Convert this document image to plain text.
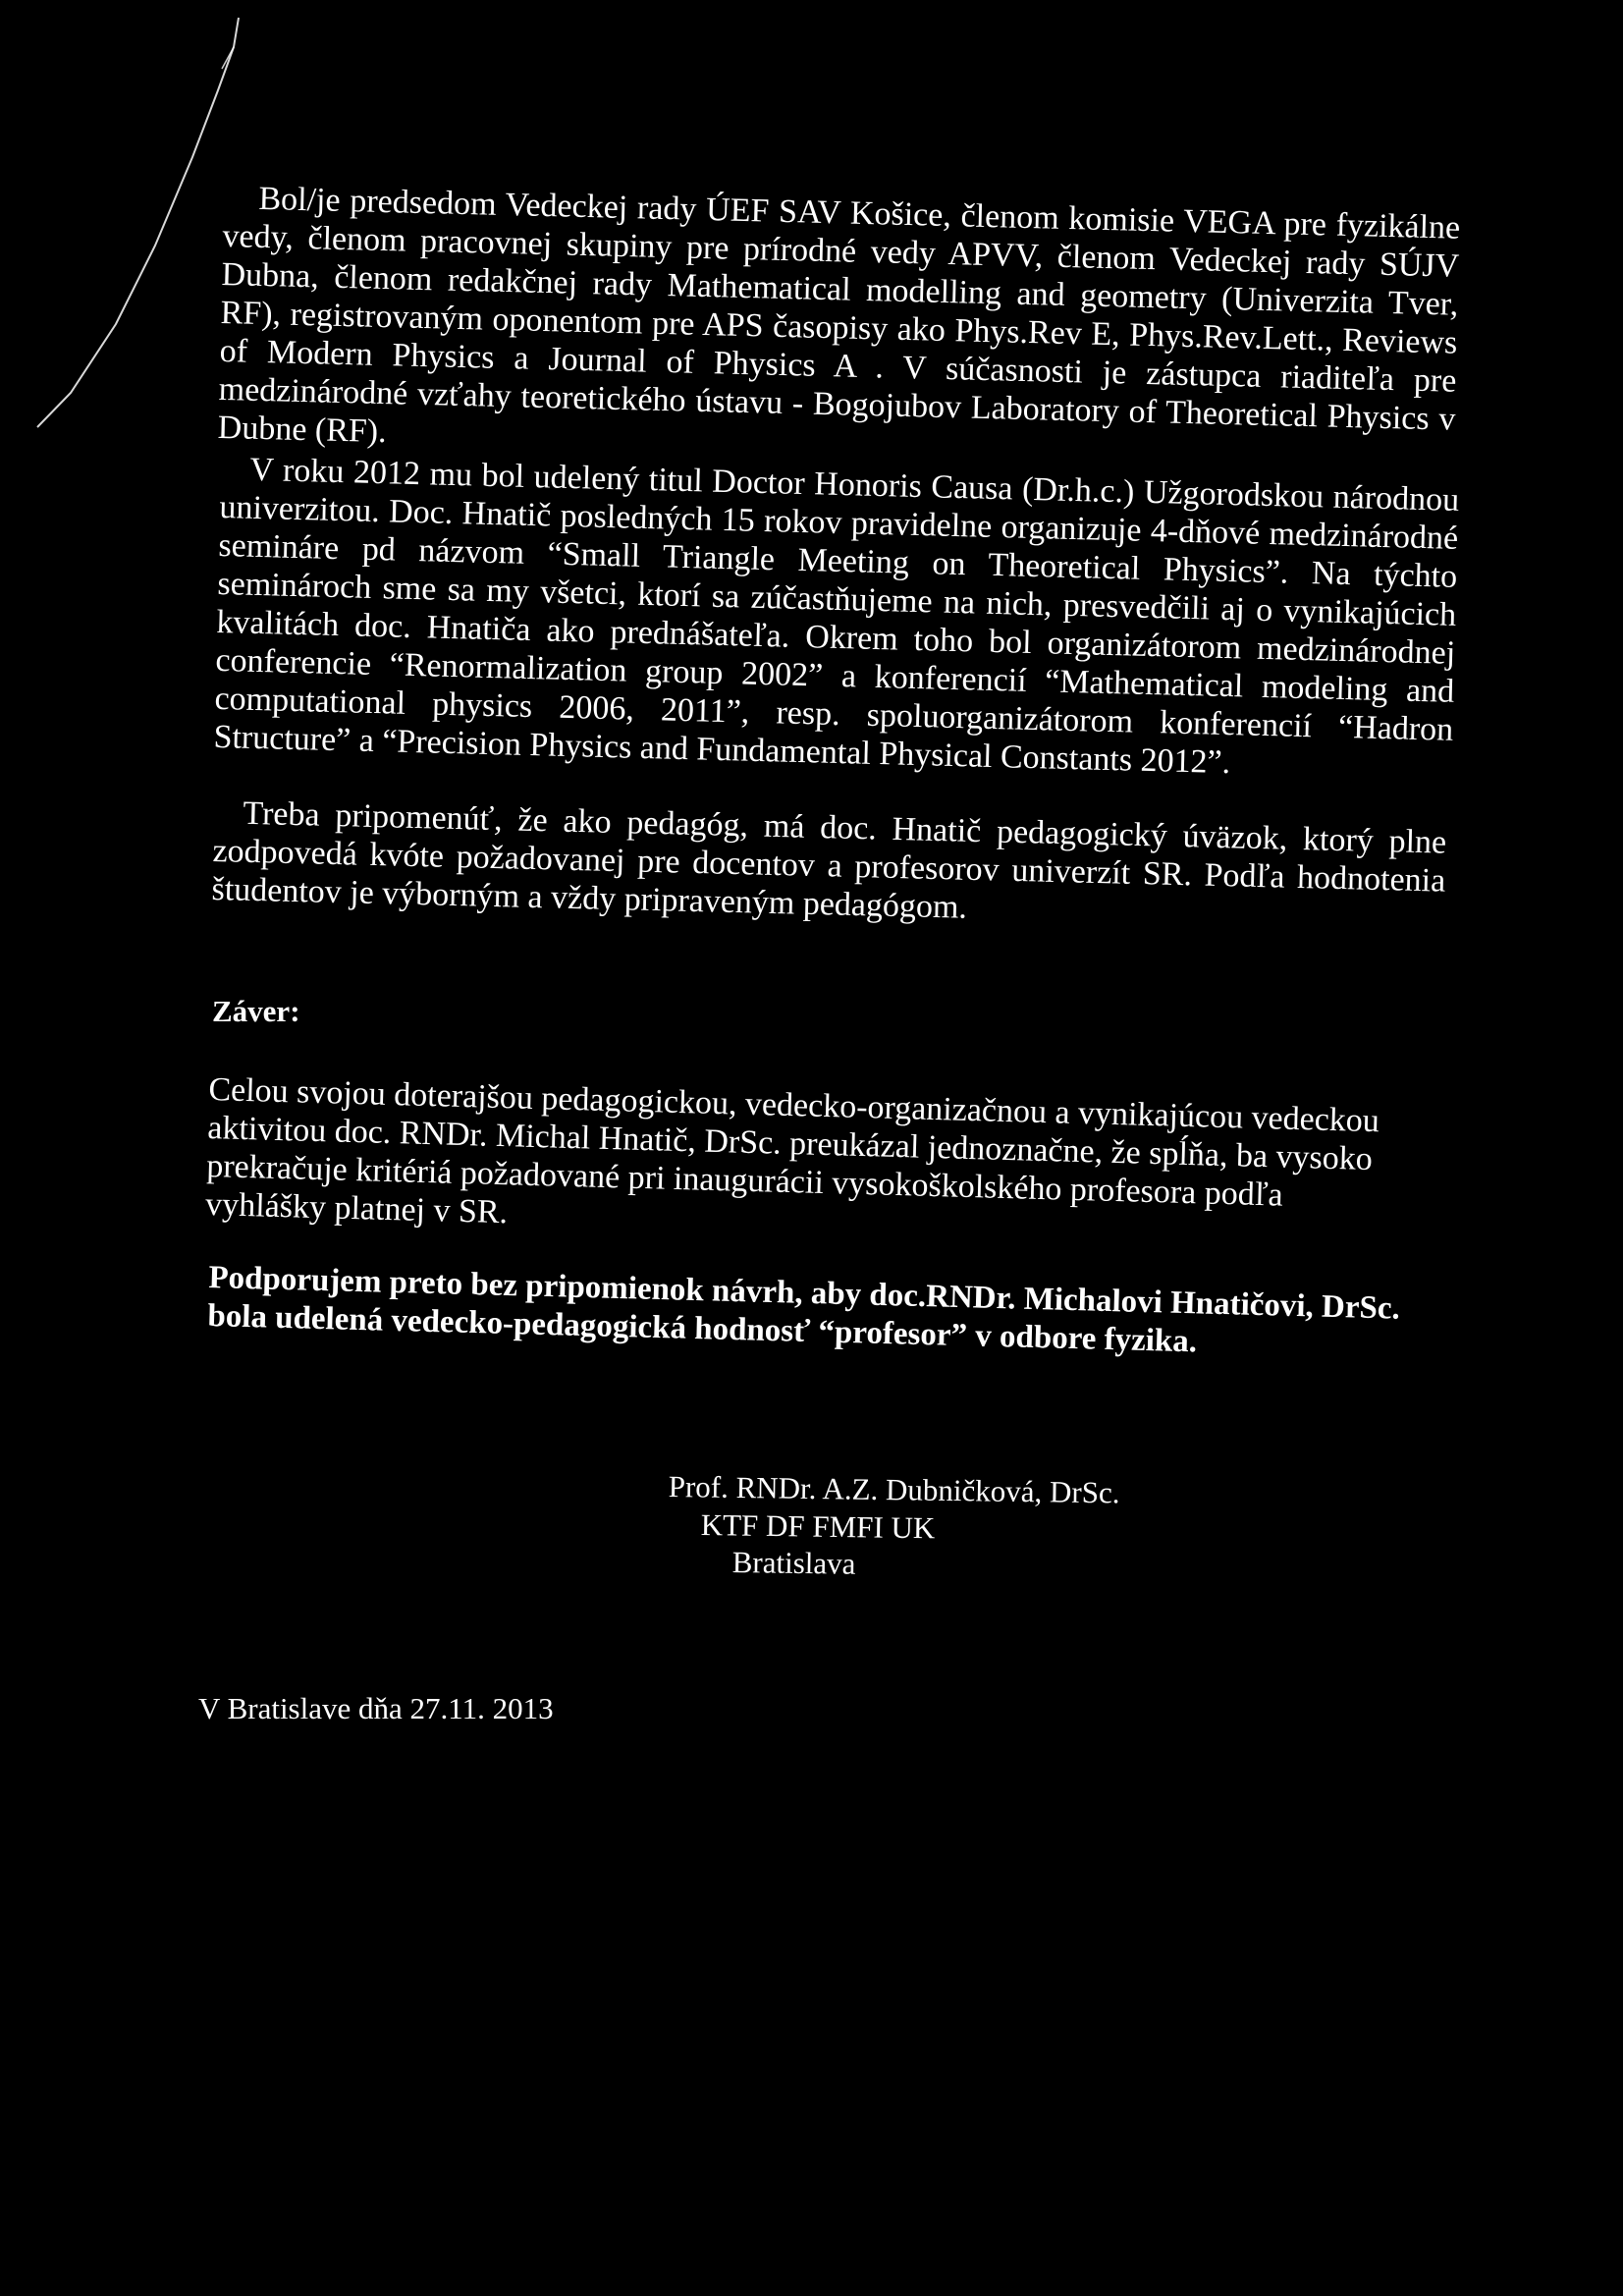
Bol/je predsedom Vedeckej rady ÚEF SAV Košice, členom komisie VEGA pre fyzikálne vedy, členom pracovnej skupiny pre prírodné vedy APVV, členom Vedeckej rady SÚJV Dubna, členom redakčnej rady Mathematical modelling and geometry (Univerzita Tver, RF), registrovaným oponentom pre APS časopisy ako Phys.Rev E, Phys.Rev.Lett., Reviews of Modern Physics a Journal of Physics A . V súčasnosti je zástupca riaditeľa pre medzinárodné vzťahy teoretického ústavu - Bogojubov Laboratory of Theoretical Physics v Dubne (RF).

V roku 2012 mu bol udelený titul Doctor Honoris Causa (Dr.h.c.) Užgorodskou národnou univerzitou. Doc. Hnatič posledných 15 rokov pravidelne organizuje 4-dňové medzinárodné semináre pd názvom “Small Triangle Meeting on Theoretical Physics”. Na týchto seminároch sme sa my všetci, ktorí sa zúčastňujeme na nich, presvedčili aj o vynikajúcich kvalitách doc. Hnatiča ako prednášateľa. Okrem toho bol organizátorom medzinárodnej conferencie “Renormalization group 2002” a konferencií “Mathematical modeling and computational physics 2006, 2011”, resp. spoluorganizátorom konferencií “Hadron Structure” a “Precision Physics and Fundamental Physical Constants 2012”.

Treba pripomenúť, že ako pedagóg, má doc. Hnatič pedagogický úväzok, ktorý plne zodpovedá kvóte požadovanej pre docentov a profesorov univerzít SR. Podľa hodnotenia študentov je výborným a vždy pripraveným pedagógom.

Záver:

Celou svojou doterajšou pedagogickou, vedecko-organizačnou a vynikajúcou vedeckou aktivitou doc. RNDr. Michal Hnatič, DrSc. preukázal jednoznačne, že spĺňa, ba vysoko prekračuje kritériá požadované pri inaugurácii vysokoškolského profesora podľa vyhlášky platnej v SR.

Podporujem preto bez pripomienok návrh, aby doc.RNDr. Michalovi Hnatičovi, DrSc. bola udelená vedecko-pedagogická hodnosť “profesor” v odbore fyzika.

Prof. RNDr. A.Z. Dubničková, DrSc.
KTF DF FMFI UK
Bratislava
V Bratislave dňa 27.11. 2013
